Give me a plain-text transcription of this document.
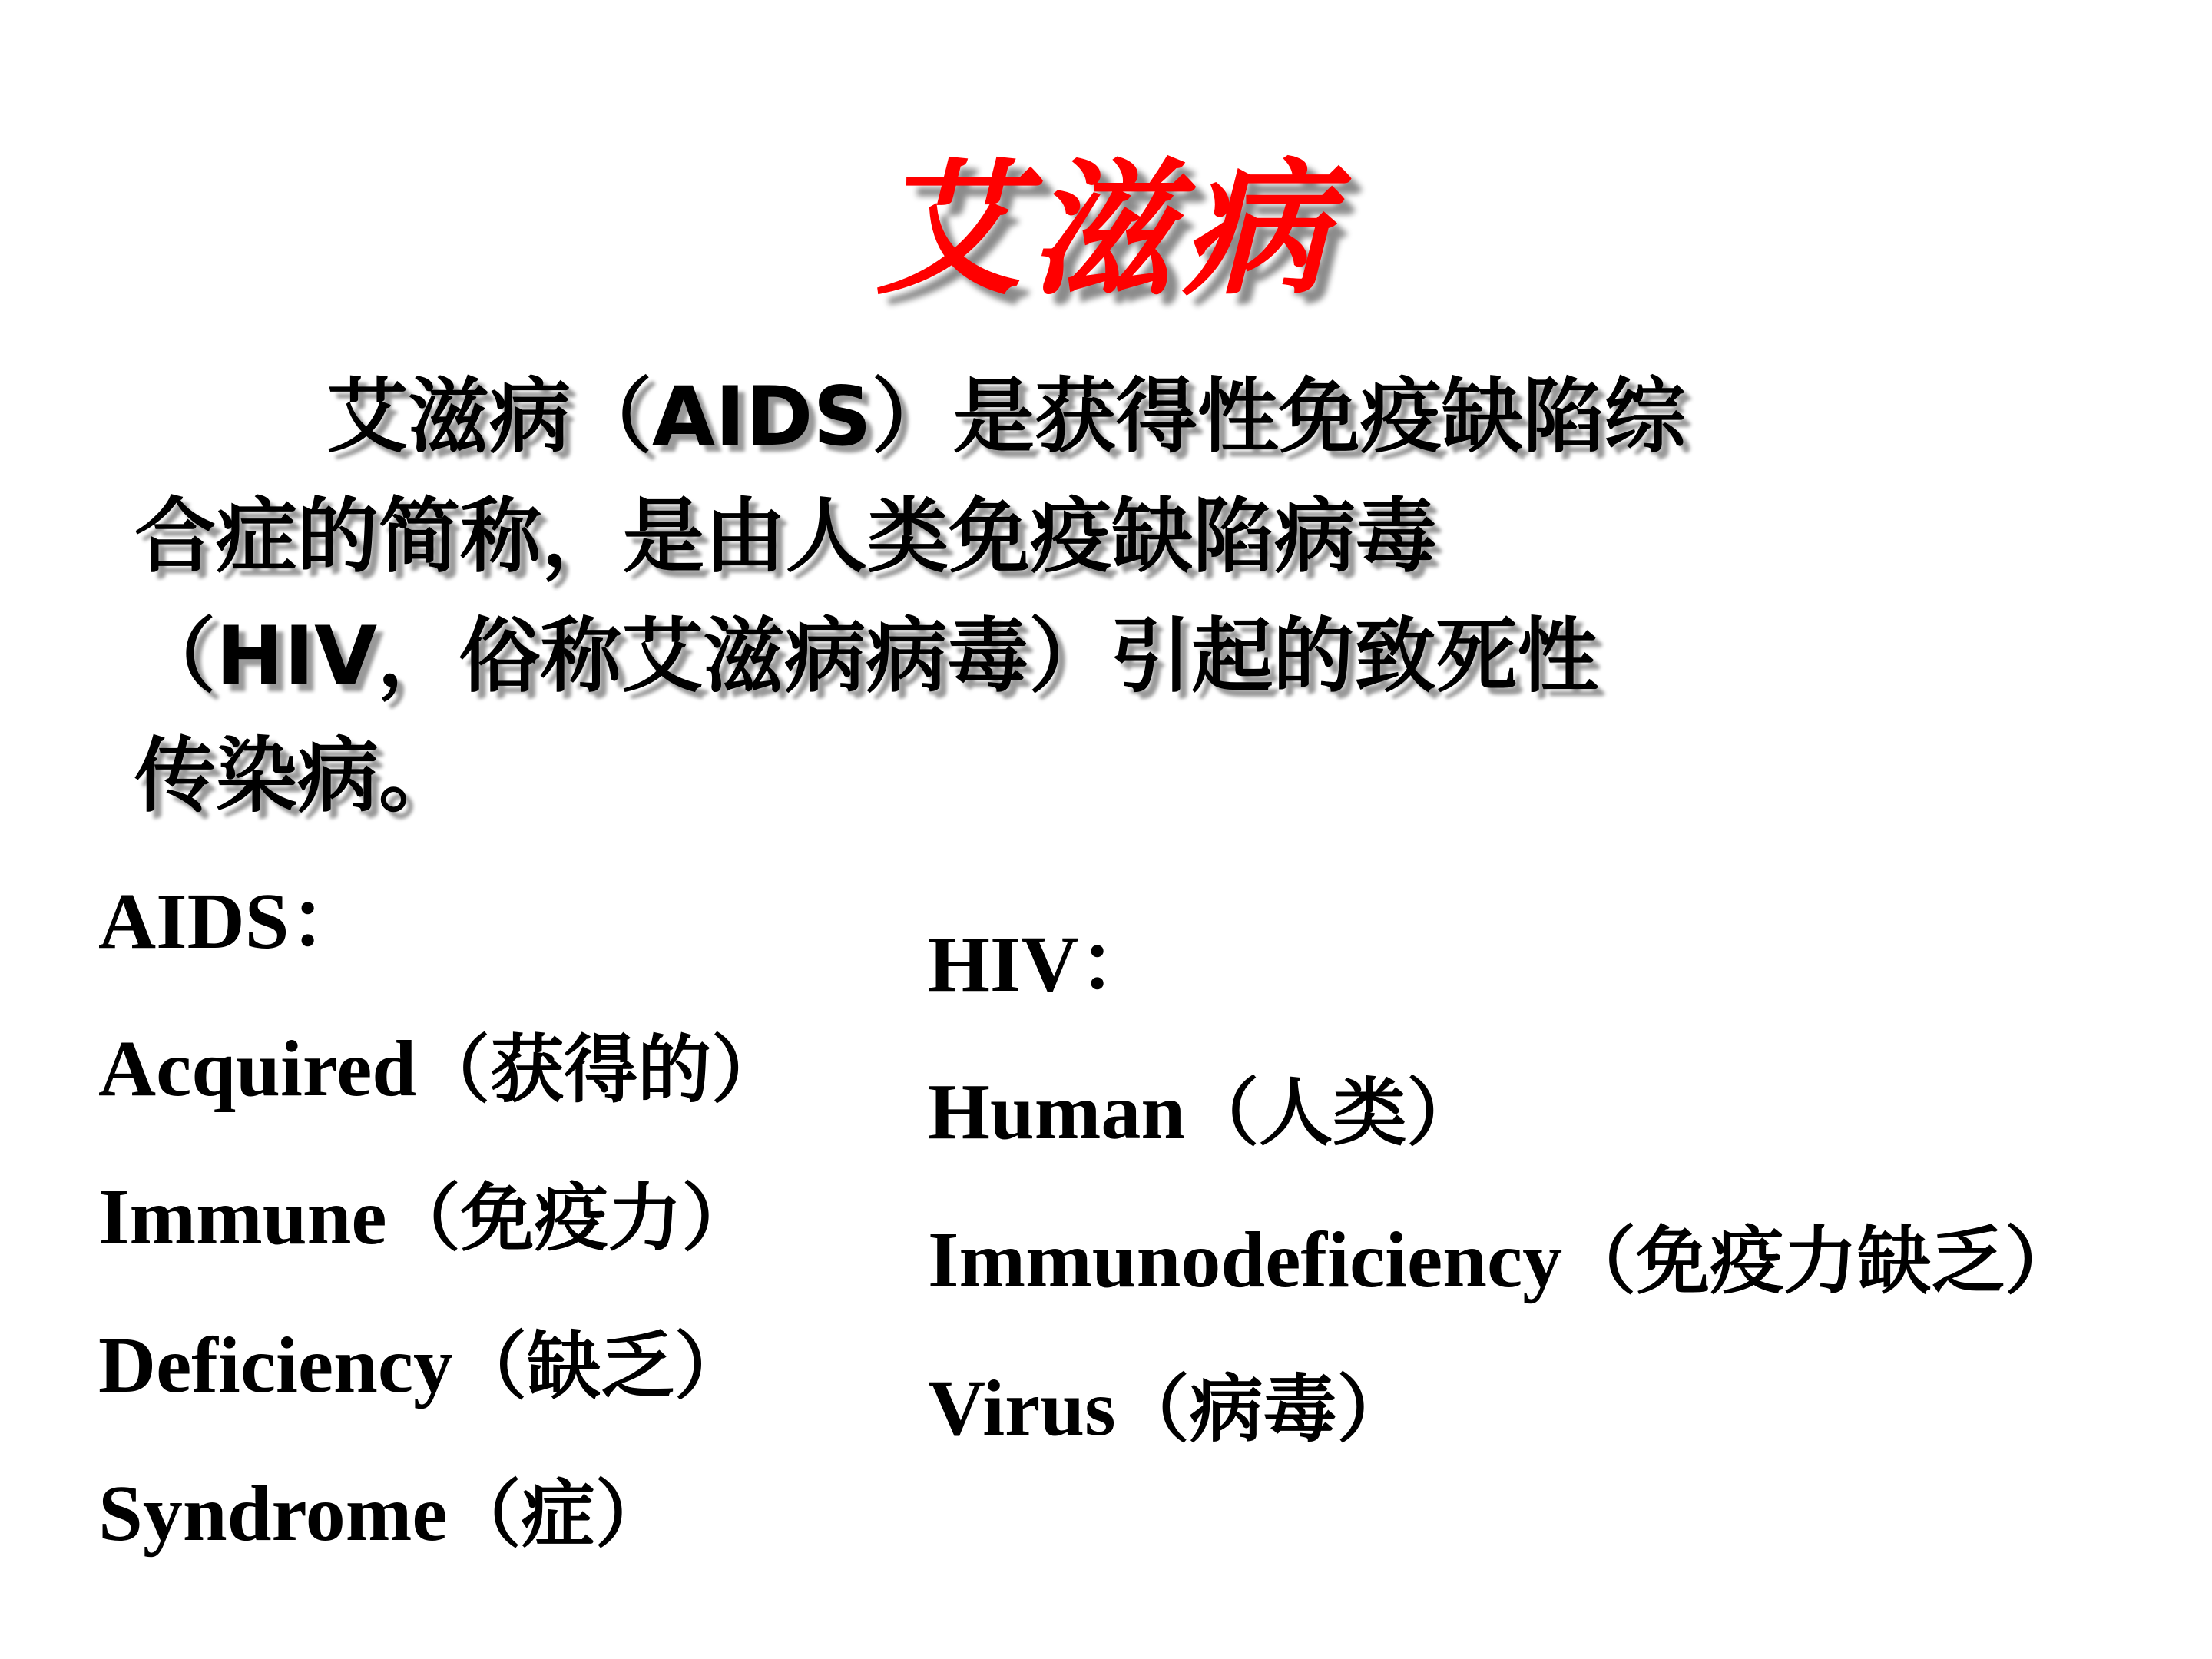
艾滋病
艾滋病（AIDS）是获得性免疫缺陷综
合症的简称，是由人类免疫缺陷病毒
（HIV，俗称艾滋病病毒）引起的致死性
传染病。
AIDS：
Acquired（获得的）
Immune（免疫力）
Deficiency（缺乏）
Syndrome（症）
HIV：
Human（人类）
Immunodeficiency（免疫力缺乏）
Virus（病毒）
